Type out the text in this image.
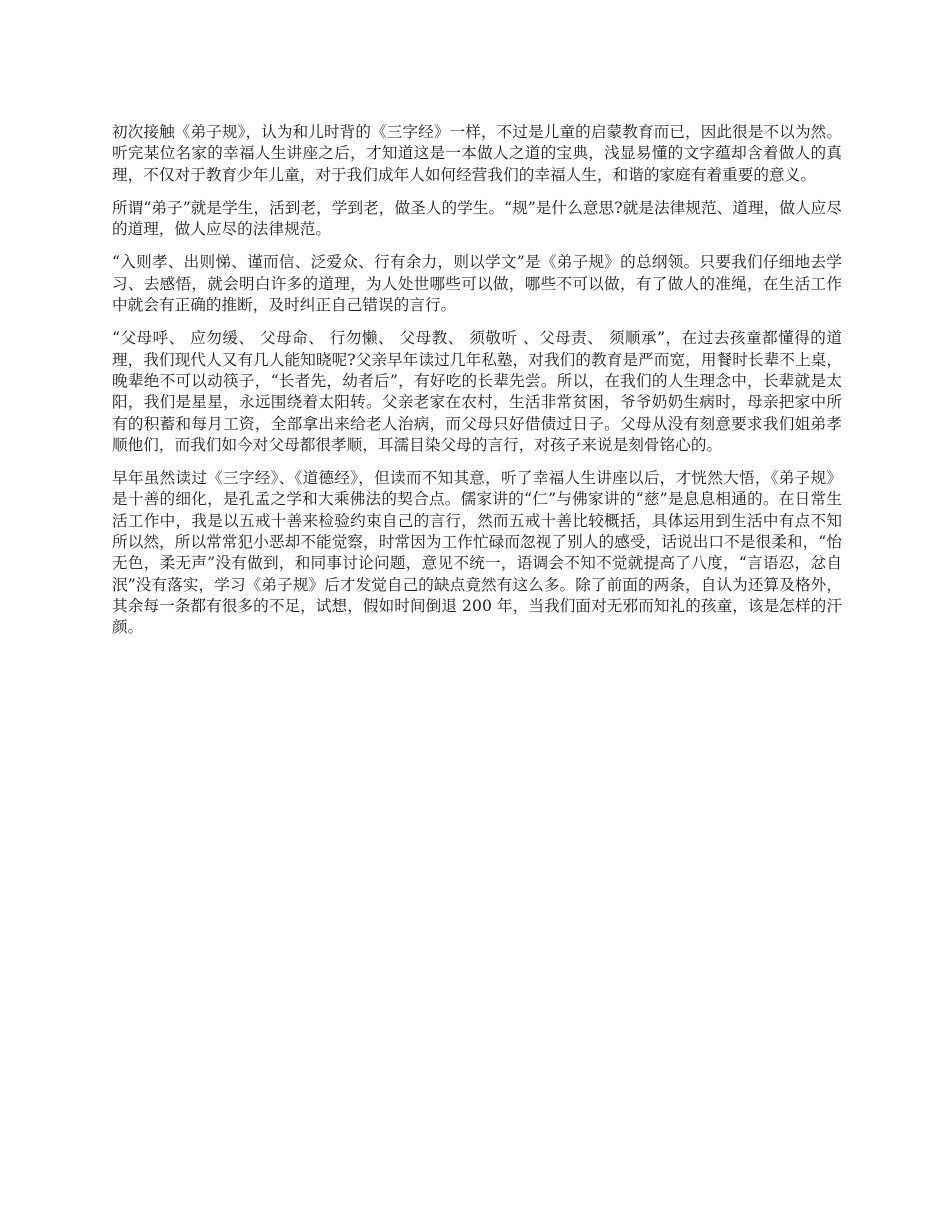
初次接触《弟子规》，认为和儿时背的《三字经》一样，不过是儿童的启蒙教育而已，因此很是不以为然。听完某位名家的幸福人生讲座之后，才知道这是一本做人之道的宝典，浅显易懂的文字蕴却含着做人的真理，不仅对于教育少年儿童，对于我们成年人如何经营我们的幸福人生，和谐的家庭有着重要的意义。

所谓“弟子”就是学生，活到老，学到老，做圣人的学生。“规”是什么意思?就是法律规范、道理，做人应尽的道理，做人应尽的法律规范。

“入则孝、出则悌、谨而信、泛爱众、行有余力，则以学文”是《弟子规》的总纲领。只要我们仔细地去学习、去感悟，就会明白许多的道理，为人处世哪些可以做，哪些不可以做，有了做人的准绳，在生活工作中就会有正确的推断，及时纠正自己错误的言行。

“父母呼、 应勿缓、 父母命、 行勿懒、 父母教、 须敬听 、父母责、 须顺承”，在过去孩童都懂得的道理，我们现代人又有几人能知晓呢?父亲早年读过几年私塾，对我们的教育是严而宽，用餐时长辈不上桌，晚辈绝不可以动筷子，“长者先，幼者后”，有好吃的长辈先尝。所以，在我们的人生理念中，长辈就是太阳，我们是星星，永远围绕着太阳转。父亲老家在农村，生活非常贫困，爷爷奶奶生病时，母亲把家中所有的积蓄和每月工资，全部拿出来给老人治病，而父母只好借债过日子。父母从没有刻意要求我们姐弟孝顺他们，而我们如今对父母都很孝顺，耳濡目染父母的言行，对孩子来说是刻骨铭心的。

早年虽然读过《三字经》、《道德经》，但读而不知其意，听了幸福人生讲座以后，才恍然大悟，《弟子规》是十善的细化，是孔孟之学和大乘佛法的契合点。儒家讲的“仁”与佛家讲的“慈”是息息相通的。在日常生活工作中，我是以五戒十善来检验约束自己的言行，然而五戒十善比较概括，具体运用到生活中有点不知所以然，所以常常犯小恶却不能觉察，时常因为工作忙碌而忽视了别人的感受，话说出口不是很柔和，“怡无色，柔无声”没有做到，和同事讨论问题，意见不统一，语调会不知不觉就提高了八度，“言语忍，忿自泯”没有落实，学习《弟子规》后才发觉自己的缺点竟然有这么多。除了前面的两条，自认为还算及格外，其余每一条都有很多的不足，试想，假如时间倒退 200 年，当我们面对无邪而知礼的孩童，该是怎样的汗颜。
